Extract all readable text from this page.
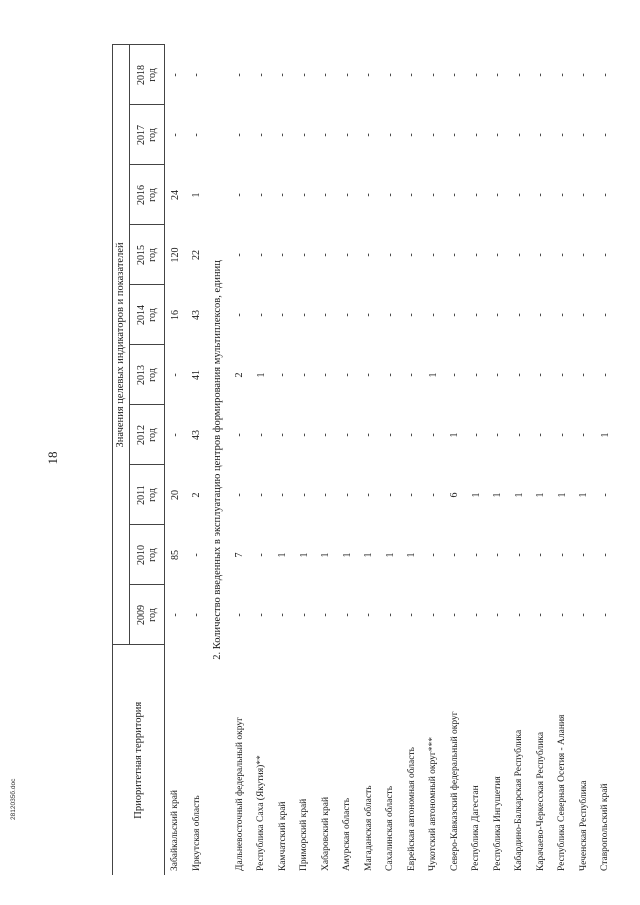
18
2812035б.doc	Приоритетная территория	Значения целевых индикаторов и показателей									

	2009 год	2010 год	2011 год	2012 год	2013 год	2014 год	2015 год	2016 год	2017 год	2018 год

Забайкальский край	-	85	20	-	-	16	120	24	-	-
Иркутская область	-	-	2	43	41	43	22	1	-	-
2. Количество введенных в эксплуатацию центров формирования мультиплексов, единиц										
Дальневосточный федеральный округ	-	7	-	-	2	-	-	-	-	-
Республика Саха (Якутия)**	-	-	-	-	1	-	-	-	-	-
Камчатский край	-	1	-	-	-	-	-	-	-	-
Приморский край	-	1	-	-	-	-	-	-	-	-
Хабаровский край	-	1	-	-	-	-	-	-	-	-
Амурская область	-	1	-	-	-	-	-	-	-	-
Магаданская область	-	1	-	-	-	-	-	-	-	-
Сахалинская область	-	1	-	-	-	-	-	-	-	-
Еврейская автономная область	-	1	-	-	-	-	-	-	-	-
Чукотский автономный округ***	-	-	-	-	1	-	-	-	-	-
Северо-Кавказский федеральный округ	-	-	6	1	-	-	-	-	-	-
Республика Дагестан	-	-	1	-	-	-	-	-	-	-
Республика Ингушетия	-	-	1	-	-	-	-	-	-	-
Кабардино-Балкарская Республика	-	-	1	-	-	-	-	-	-	-
Карачаево-Черкесская Республика	-	-	1	-	-	-	-	-	-	-
Республика Северная Осетия - Алания	-	-	1	-	-	-	-	-	-	-
Чеченская Республика	-	-	1	-	-	-	-	-	-	-
Ставропольский край	-	-	-	1	-	-	-	-	-	-
